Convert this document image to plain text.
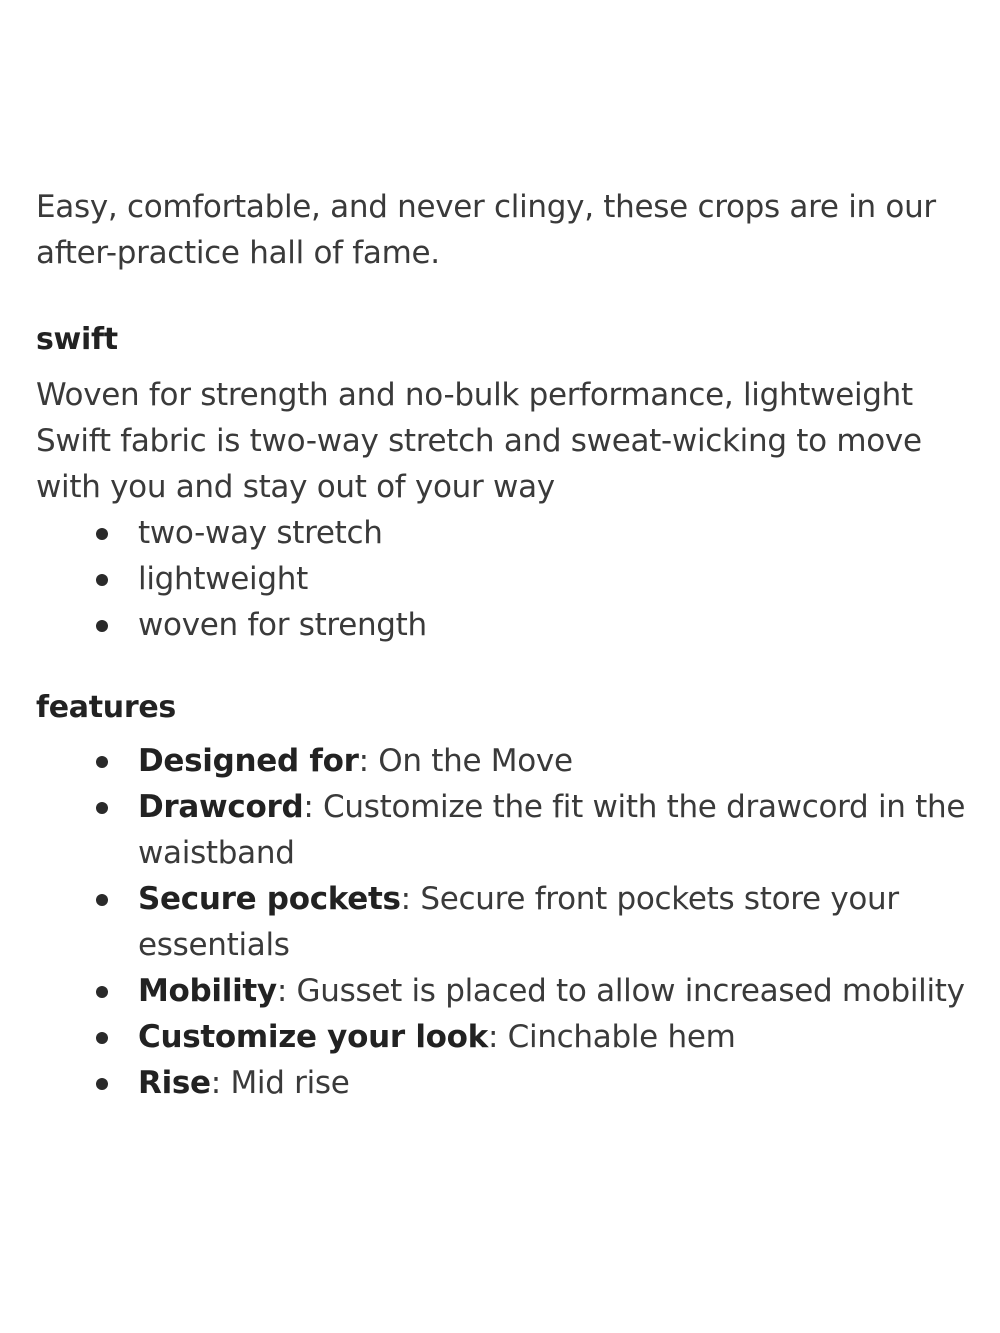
Easy, comfortable, and never clingy, these crops are in our after-practice hall of fame.

swift

Woven for strength and no-bulk performance, lightweight Swift fabric is two-way stretch and sweat-wicking to move with you and stay out of your way

two-way stretch
lightweight
woven for strength
features
Designed for: On the Move
Drawcord: Customize the fit with the drawcord in the waistband
Secure pockets: Secure front pockets store your essentials
Mobility: Gusset is placed to allow increased mobility
Customize your look: Cinchable hem
Rise: Mid rise
